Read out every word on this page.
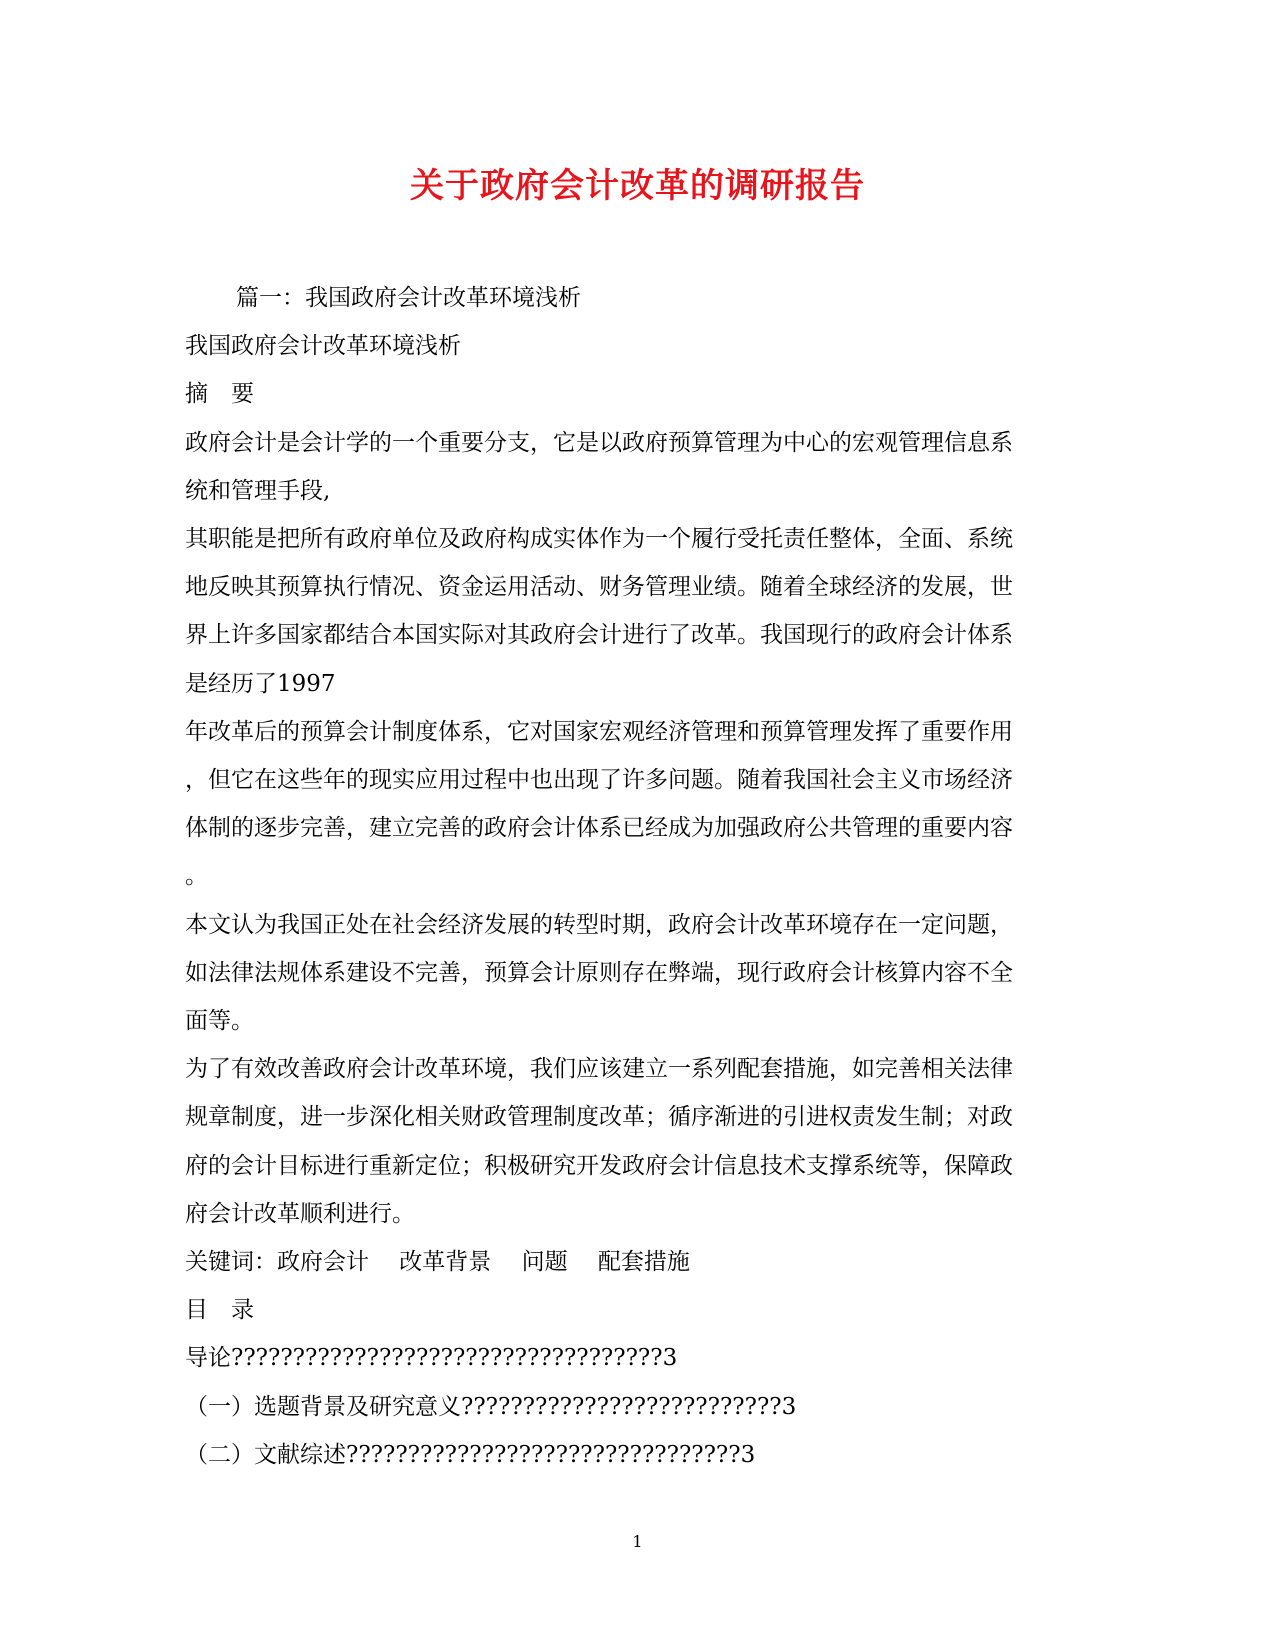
关于政府会计改革的调研报告
篇一：我国政府会计改革环境浅析
我国政府会计改革环境浅析
摘　要
政府会计是会计学的一个重要分支，它是以政府预算管理为中心的宏观管理信息系
统和管理手段,
其职能是把所有政府单位及政府构成实体作为一个履行受托责任整体，全面、系统
地反映其预算执行情况、资金运用活动、财务管理业绩。随着全球经济的发展，世
界上许多国家都结合本国实际对其政府会计进行了改革。我国现行的政府会计体系
是经历了1997
年改革后的预算会计制度体系，它对国家宏观经济管理和预算管理发挥了重要作用
，但它在这些年的现实应用过程中也出现了许多问题。随着我国社会主义市场经济
体制的逐步完善，建立完善的政府会计体系已经成为加强政府公共管理的重要内容
。
本文认为我国正处在社会经济发展的转型时期，政府会计改革环境存在一定问题，
如法律法规体系建设不完善，预算会计原则存在弊端，现行政府会计核算内容不全
面等。
为了有效改善政府会计改革环境，我们应该建立一系列配套措施，如完善相关法律
规章制度，进一步深化相关财政管理制度改革；循序渐进的引进权责发生制；对政
府的会计目标进行重新定位；积极研究开发政府会计信息技术支撑系统等，保障政
府会计改革顺利进行。
关键词：政府会计　 改革背景　 问题　 配套措施
目　录
导论???????????????????????????????????3
（一）选题背景及研究意义??????????????????????????3
（二）文献综述????????????????????????????????3
1
